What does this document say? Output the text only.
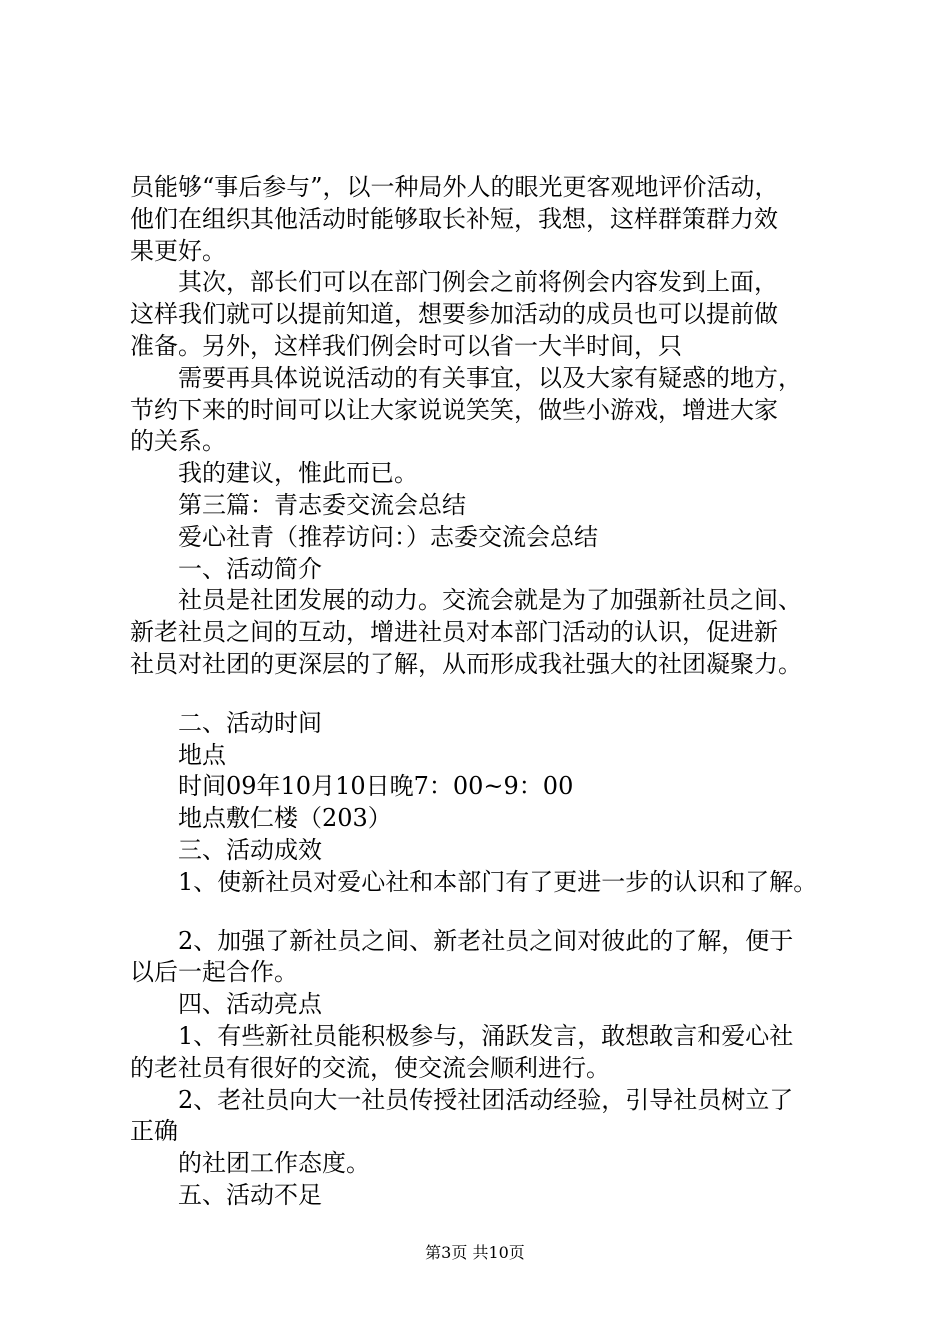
员能够“事后参与”，以一种局外人的眼光更客观地评价活动，
他们在组织其他活动时能够取长补短，我想，这样群策群力效
果更好。
其次，部长们可以在部门例会之前将例会内容发到上面，
这样我们就可以提前知道，想要参加活动的成员也可以提前做
准备。另外，这样我们例会时可以省一大半时间，只
需要再具体说说活动的有关事宜，以及大家有疑惑的地方，
节约下来的时间可以让大家说说笑笑，做些小游戏，增进大家
的关系。
我的建议，惟此而已。
第三篇：青志委交流会总结
爱心社青（推荐访问：）志委交流会总结
一、活动简介
社员是社团发展的动力。交流会就是为了加强新社员之间、
新老社员之间的互动，增进社员对本部门活动的认识，促进新
社员对社团的更深层的了解，从而形成我社强大的社团凝聚力。
二、活动时间
地点
时间09年10月10日晚7：00~9：00
地点敷仁楼（203）
三、活动成效
1、使新社员对爱心社和本部门有了更进一步的认识和了解。
2、加强了新社员之间、新老社员之间对彼此的了解，便于
以后一起合作。
四、活动亮点
1、有些新社员能积极参与，涌跃发言，敢想敢言和爱心社
的老社员有很好的交流，使交流会顺利进行。
2、老社员向大一社员传授社团活动经验，引导社员树立了
正确
的社团工作态度。
五、活动不足
第3页 共10页
